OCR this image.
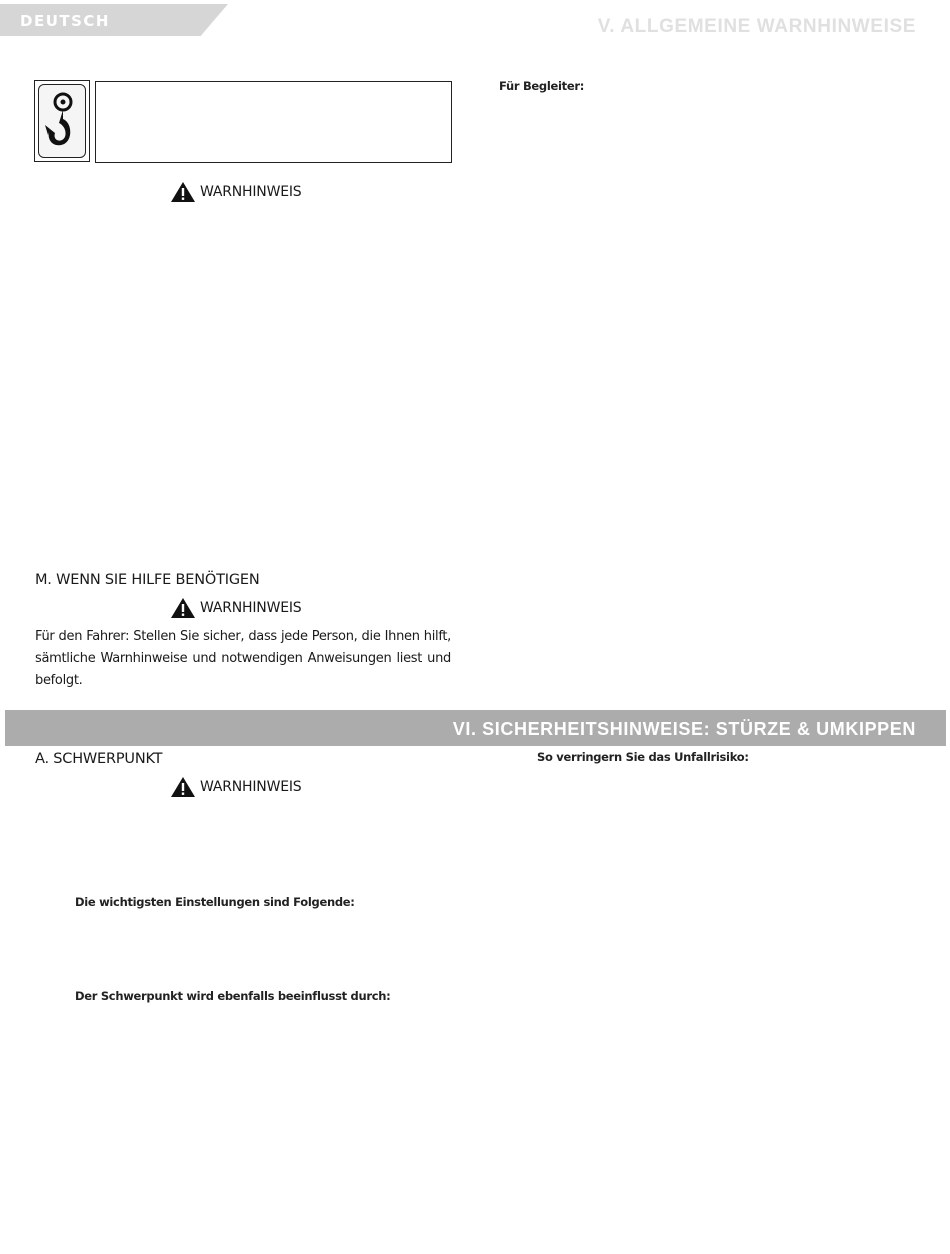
DEUTSCH	V. ALLGEMEINE WARNHINWEISE
WARNHINWEIS
Für Begleiter:
M. WENN SIE HILFE BENÖTIGEN
WARNHINWEIS
Für den Fahrer: Stellen Sie sicher, dass jede Person, die Ihnen hilft, sämtliche Warnhinweise und notwendigen Anweisungen liest und befolgt.
VI. SICHERHEITSHINWEISE: STÜRZE & UMKIPPEN
A. SCHWERPUNKT
WARNHINWEIS
Die wichtigsten Einstellungen sind Folgende:
Der Schwerpunkt wird ebenfalls beeinflusst durch:
So verringern Sie das Unfallrisiko:
